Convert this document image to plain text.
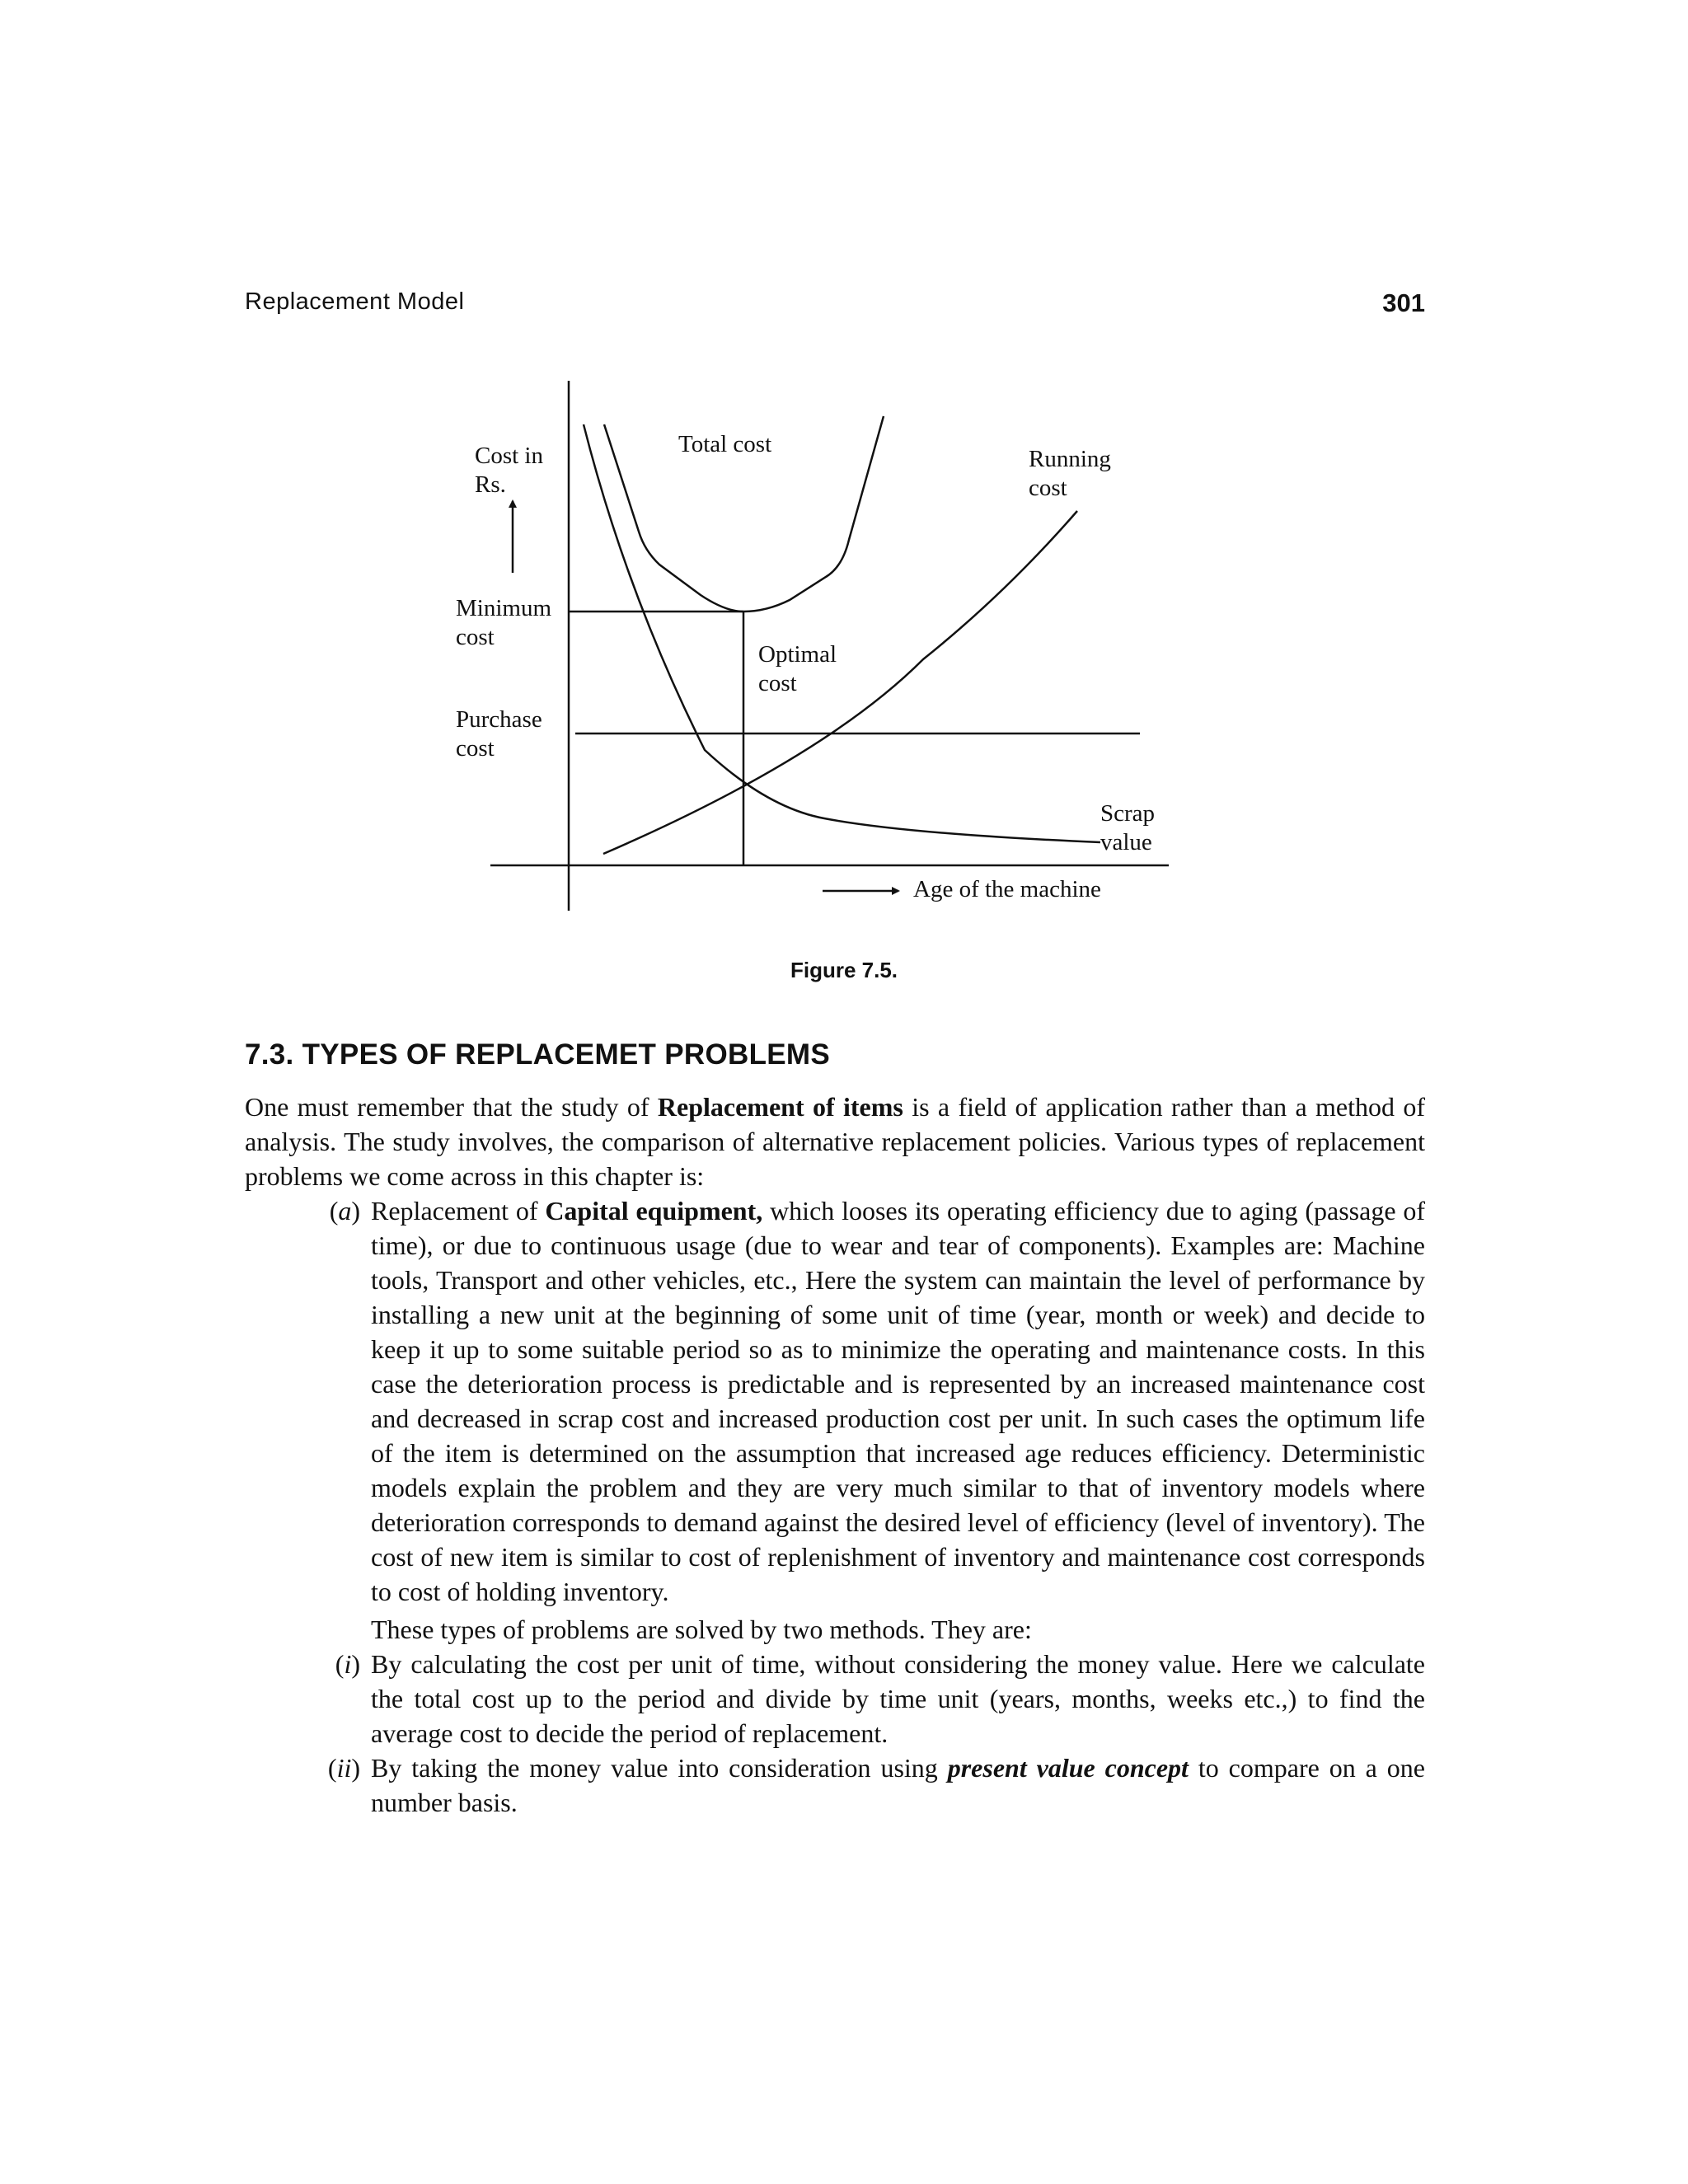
Replacement Model	301
Cost in
Rs.
Minimum
cost
Purchase
cost
Total cost
Running
cost
Optimal
cost
Scrap
value
Age of the machine
Figure 7.5.
7.3. TYPES OF REPLACEMET PROBLEMS

One must remember that the study of Replacement of items is a field of application rather than a method of analysis. The study involves, the comparison of alternative replacement policies. Various types of replacement problems we come across in this chapter is:

(a) Replacement of Capital equipment, which looses its operating efficiency due to aging (passage of time), or due to continuous usage (due to wear and tear of components). Examples are: Machine tools, Transport and other vehicles, etc., Here the system can maintain the level of performance by installing a new unit at the beginning of some unit of time (year, month or week) and decide to keep it up to some suitable period so as to minimize the operating and maintenance costs. In this case the deterioration process is predictable and is represented by an increased maintenance cost and decreased in scrap cost and increased production cost per unit. In such cases the optimum life of the item is determined on the assumption that increased age reduces efficiency. Deterministic models explain the problem and they are very much similar to that of inventory models where deterioration corresponds to demand against the desired level of efficiency (level of inventory). The cost of new item is similar to cost of replenishment of inventory and maintenance cost corresponds to cost of holding inventory.

These types of problems are solved by two methods. They are:

(i) By calculating the cost per unit of time, without considering the money value. Here we calculate the total cost up to the period and divide by time unit (years, months, weeks etc.,) to find the average cost to decide the period of replacement.

(ii) By taking the money value into consideration using present value concept to compare on a one number basis.
